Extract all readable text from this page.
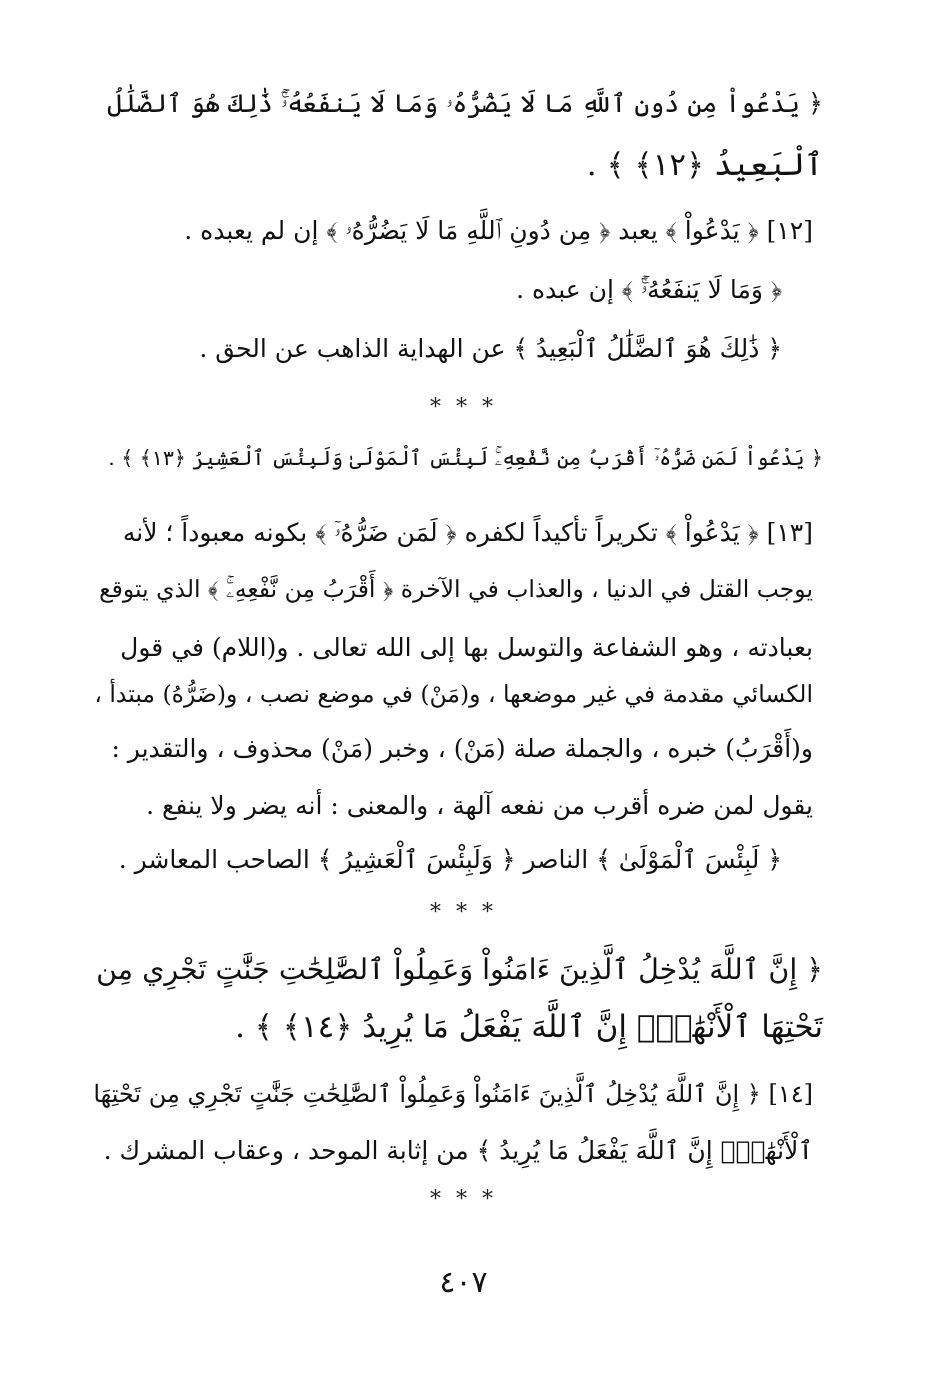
﴿ يَدْعُواْ مِن دُونِ ٱللَّهِ مَا لَا يَضُرُّهُۥ وَمَا لَا يَنفَعُهُۥٓۚ ذَٰلِكَ هُوَ ٱلضَّلَٰلُ
ٱلْبَعِيدُ ﴿١٢﴾ ﴾ .
[١٢] ﴿ يَدْعُواْ ﴾ يعبد ﴿ مِن دُونِ ٱللَّهِ مَا لَا يَضُرُّهُۥ ﴾ إن لم يعبده .
﴿ وَمَا لَا يَنفَعُهُۥٓۚ ﴾ إن عبده .
﴿ ذَٰلِكَ هُوَ ٱلضَّلَٰلُ ٱلْبَعِيدُ ﴾ عن الهداية الذاهب عن الحق .
* * *
﴿ يَدْعُواْ لَمَن ضَرُّهُۥٓ أَقْرَبُ مِن نَّفْعِهِۦۚ لَبِئْسَ ٱلْمَوْلَىٰ وَلَبِئْسَ ٱلْعَشِيرُ ﴿١٣﴾ ﴾ .
[١٣] ﴿ يَدْعُواْ ﴾ تكريراً تأكيداً لكفره ﴿ لَمَن ضَرُّهُۥٓ ﴾ بكونه معبوداً ؛ لأنه
يوجب القتل في الدنيا ، والعذاب في الآخرة ﴿ أَقْرَبُ مِن نَّفْعِهِۦۚ ﴾ الذي يتوقع
بعبادته ، وهو الشفاعة والتوسل بها إلى الله تعالى . و(اللام) في قول
الكسائي مقدمة في غير موضعها ، و(مَنْ) في موضع نصب ، و(ضَرُّهُ) مبتدأ ،
و(أَقْرَبُ) خبره ، والجملة صلة (مَنْ) ، وخبر (مَنْ) محذوف ، والتقدير :
يقول لمن ضره أقرب من نفعه آلهة ، والمعنى : أنه يضر ولا ينفع .
﴿ لَبِئْسَ ٱلْمَوْلَىٰ ﴾ الناصر ﴿ وَلَبِئْسَ ٱلْعَشِيرُ ﴾ الصاحب المعاشر .
* * *
﴿ إِنَّ ٱللَّهَ يُدْخِلُ ٱلَّذِينَ ءَامَنُواْ وَعَمِلُواْ ٱلصَّٰلِحَٰتِ جَنَّٰتٍ تَجْرِي مِن
تَحْتِهَا ٱلْأَنْهَٰرُۚ إِنَّ ٱللَّهَ يَفْعَلُ مَا يُرِيدُ ﴿١٤﴾ ﴾ .
[١٤] ﴿ إِنَّ ٱللَّهَ يُدْخِلُ ٱلَّذِينَ ءَامَنُواْ وَعَمِلُواْ ٱلصَّٰلِحَٰتِ جَنَّٰتٍ تَجْرِي مِن تَحْتِهَا
ٱلْأَنْهَٰرُۚ إِنَّ ٱللَّهَ يَفْعَلُ مَا يُرِيدُ ﴾ من إثابة الموحد ، وعقاب المشرك .
* * *
٤٠٧
